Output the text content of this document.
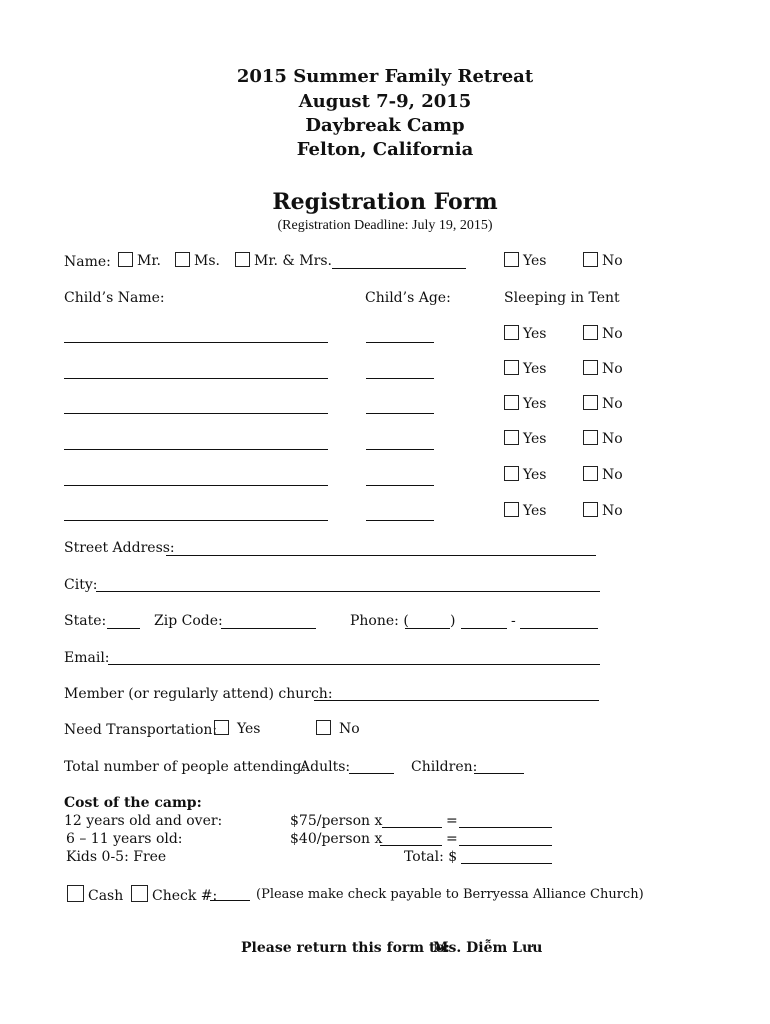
2015 Summer Family Retreat
August 7-9, 2015
Daybreak Camp
Felton, California
Registration Form
(Registration Deadline: July 19, 2015)
Name:	Mr.	Ms.	Mr. & Mrs.	Yes	No
Child’s Name:	Child’s Age:	Sleeping in Tent
Yes	No
Yes	No
Yes	No
Yes	No
Yes	No
Yes	No
Street Address:
City:
State:	Zip Code:	Phone: (	)	-
Email:
Member (or regularly attend) church:
Need Transportation:	Yes	No
Total number of people attending:
Adults:	Children:
Cost of the camp:
12 years old and over:	$75/person x	=
6 – 11 years old:	$40/person x	=
Kids 0-5: Free	Total: $
Cash	Check #:	(Please make check payable to Berryessa Alliance Church)
Please return this form to:
Ms. Diễm Lưu
